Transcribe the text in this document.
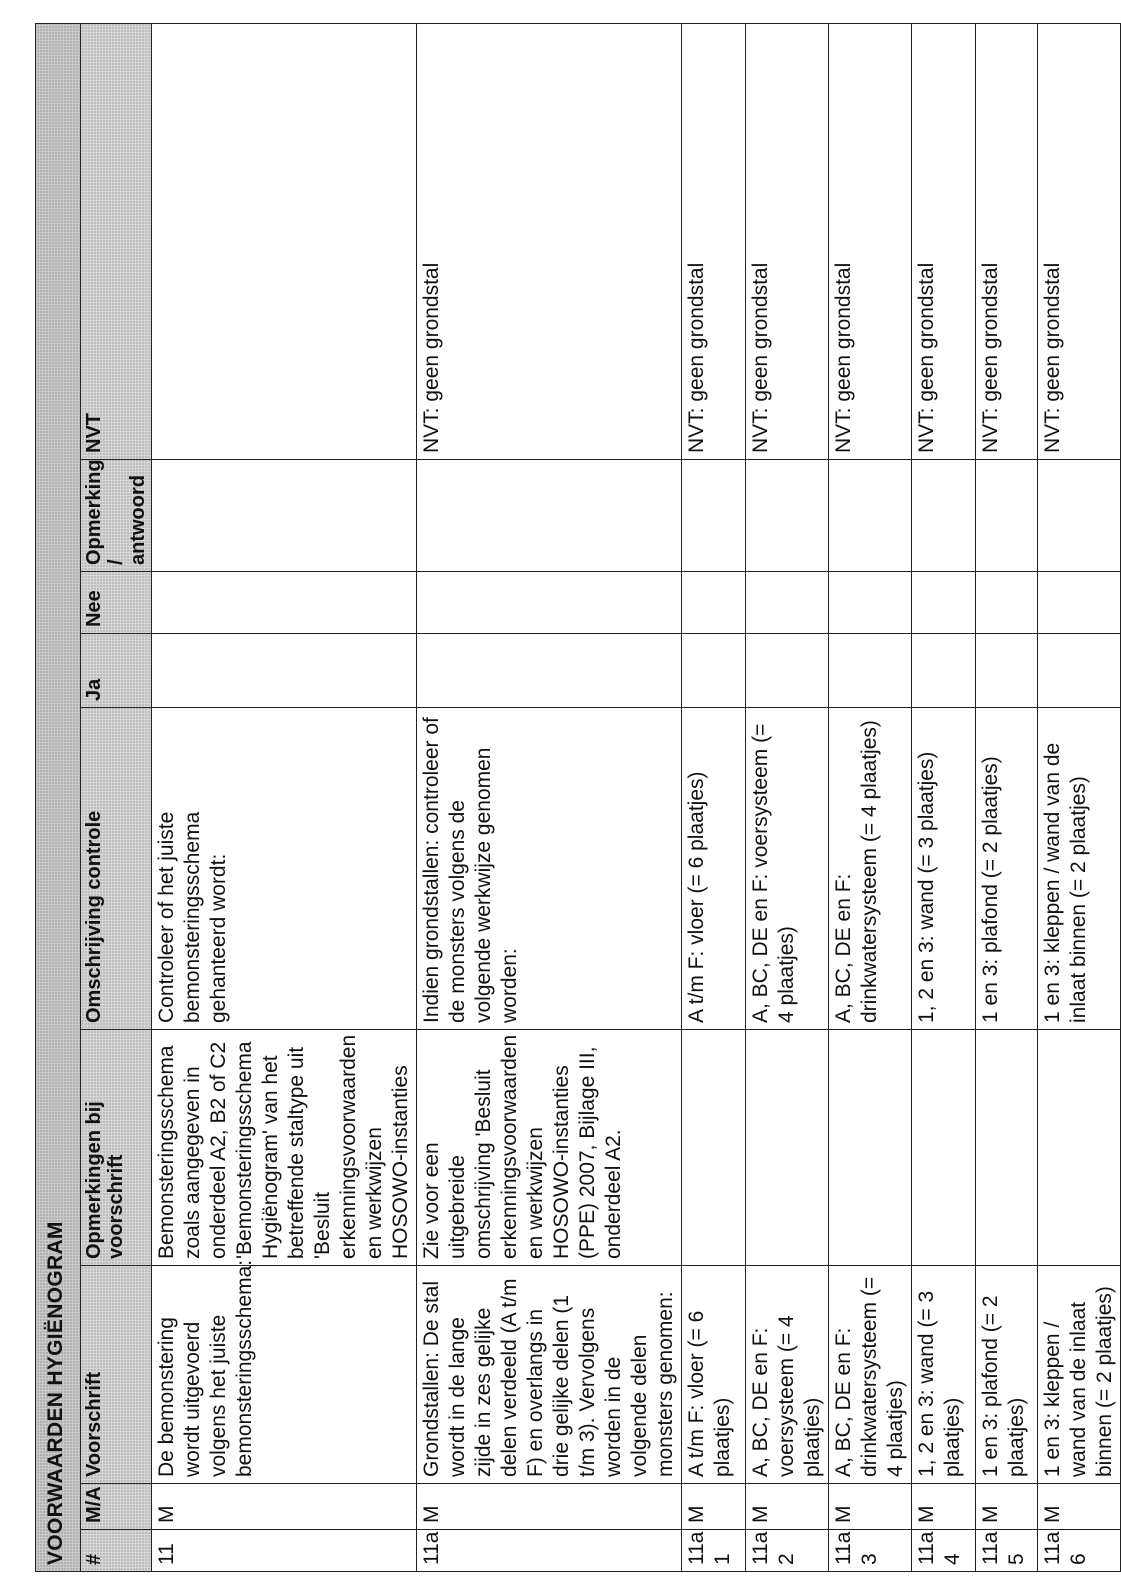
VOORWAARDEN HYGIËNOGRAM								
#	M/A	Voorschrift	Opmerkingen bij voorschrift	Omschrijving controle	Ja	Nee	Opmerking / antwoord	NVT
11	M	De bemonstering wordt uitgevoerd volgens het juiste bemonsteringsschema:	Bemonsteringsschema zoals aangegeven in onderdeel A2, B2 of C2 'Bemonsteringsschema Hygiënogram' van het betreffende staltype uit 'Besluit erkenningsvoorwaarden en werkwijzen HOSOWO-instanties	Controleer of het juiste bemonsteringsschema gehanteerd wordt:				
11a	M	Grondstallen: De stal wordt in de lange zijde in zes gelijke delen verdeeld (A t/m F) en overlangs in drie gelijke delen (1 t/m 3). Vervolgens worden in de volgende delen monsters genomen:	Zie voor een uitgebreide omschrijving 'Besluit erkenningsvoorwaarden en werkwijzen HOSOWO-instanties (PPE) 2007, Bijlage III, onderdeel A2.	Indien grondstallen: controleer of de monsters volgens de volgende werkwijze genomen worden:				NVT: geen grondstal
11a 1	M	A t/m F: vloer (= 6 plaatjes)		A t/m F: vloer (= 6 plaatjes)				NVT: geen grondstal
11a 2	M	A, BC, DE en F: voersysteem (= 4 plaatjes)		A, BC, DE en F: voersysteem (= 4 plaatjes)				NVT: geen grondstal
11a 3	M	A, BC, DE en F: drinkwatersysteem (= 4 plaatjes)		A, BC, DE en F: drinkwatersysteem (= 4 plaatjes)				NVT: geen grondstal
11a 4	M	1, 2 en 3: wand (= 3 plaatjes)		1, 2 en 3: wand (= 3 plaatjes)				NVT: geen grondstal
11a 5	M	1 en 3: plafond (= 2 plaatjes)		1 en 3: plafond (= 2 plaatjes)				NVT: geen grondstal
11a 6	M	1 en 3: kleppen / wand van de inlaat binnen (= 2 plaatjes)		1 en 3: kleppen / wand van de inlaat binnen (= 2 plaatjes)				NVT: geen grondstal
